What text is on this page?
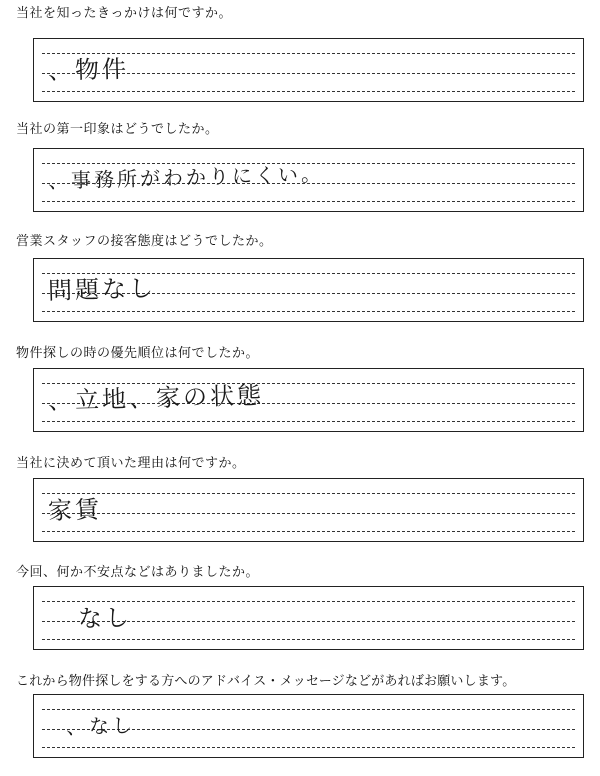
当社を知ったきっかけは何ですか。
、物件
当社の第一印象はどうでしたか。
、事務所がわかりにくい。
営業スタッフの接客態度はどうでしたか。
問題なし
物件探しの時の優先順位は何でしたか。
、立地、家の状態
当社に決めて頂いた理由は何ですか。
家賃
今回、何か不安点などはありましたか。
なし
これから物件探しをする方へのアドバイス・メッセージなどがあればお願いします。
、なし
